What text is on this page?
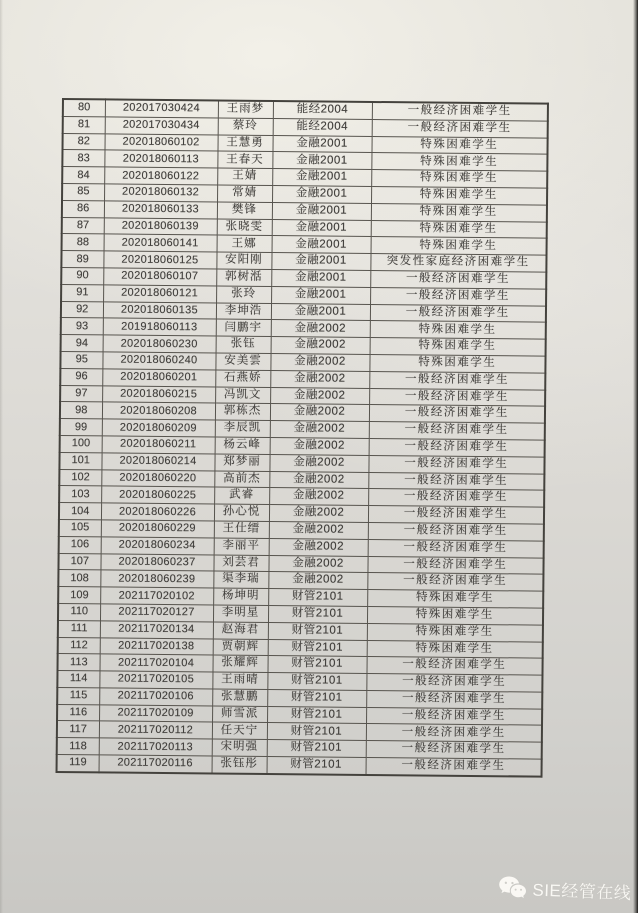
80	202017030424	王雨梦	能经2004	一般经济困难学生
81	202017030434	蔡玲	能经2004	一般经济困难学生
82	202018060102	王慧勇	金融2001	特殊困难学生
83	202018060113	王春天	金融2001	特殊困难学生
84	202018060122	王婧	金融2001	特殊困难学生
85	202018060132	常婧	金融2001	特殊困难学生
86	202018060133	樊锋	金融2001	特殊困难学生
87	202018060139	张晓雯	金融2001	特殊困难学生
88	202018060141	王娜	金融2001	特殊困难学生
89	202018060125	安阳刚	金融2001	突发性家庭经济困难学生
90	202018060107	郭树湉	金融2001	一般经济困难学生
91	202018060121	张玲	金融2001	一般经济困难学生
92	202018060135	李坤浩	金融2001	一般经济困难学生
93	201918060113	闫鹏宇	金融2002	特殊困难学生
94	202018060230	张钰	金融2002	特殊困难学生
95	202018060240	安美雲	金融2002	特殊困难学生
96	202018060201	石燕娇	金融2002	一般经济困难学生
97	202018060215	冯凯文	金融2002	一般经济困难学生
98	202018060208	郭栋杰	金融2002	一般经济困难学生
99	202018060209	李辰凯	金融2002	一般经济困难学生
100	202018060211	杨云峰	金融2002	一般经济困难学生
101	202018060214	郑梦丽	金融2002	一般经济困难学生
102	202018060220	高前杰	金融2002	一般经济困难学生
103	202018060225	武睿	金融2002	一般经济困难学生
104	202018060226	孙心悦	金融2002	一般经济困难学生
105	202018060229	王仕缙	金融2002	一般经济困难学生
106	202018060234	李丽平	金融2002	一般经济困难学生
107	202018060237	刘芸君	金融2002	一般经济困难学生
108	202018060239	渠李瑞	金融2002	一般经济困难学生
109	202117020102	杨坤明	财管2101	特殊困难学生
110	202117020127	李明星	财管2101	特殊困难学生
111	202117020134	赵海君	财管2101	特殊困难学生
112	202117020138	贾朝辉	财管2101	特殊困难学生
113	202117020104	张耀辉	财管2101	一般经济困难学生
114	202117020105	王雨晴	财管2101	一般经济困难学生
115	202117020106	张慧鹏	财管2101	一般经济困难学生
116	202117020109	师雪派	财管2101	一般经济困难学生
117	202117020112	任天宁	财管2101	一般经济困难学生
118	202117020113	宋明强	财管2101	一般经济困难学生
119	202117020116	张钰彤	财管2101	一般经济困难学生
SIE经管在线
